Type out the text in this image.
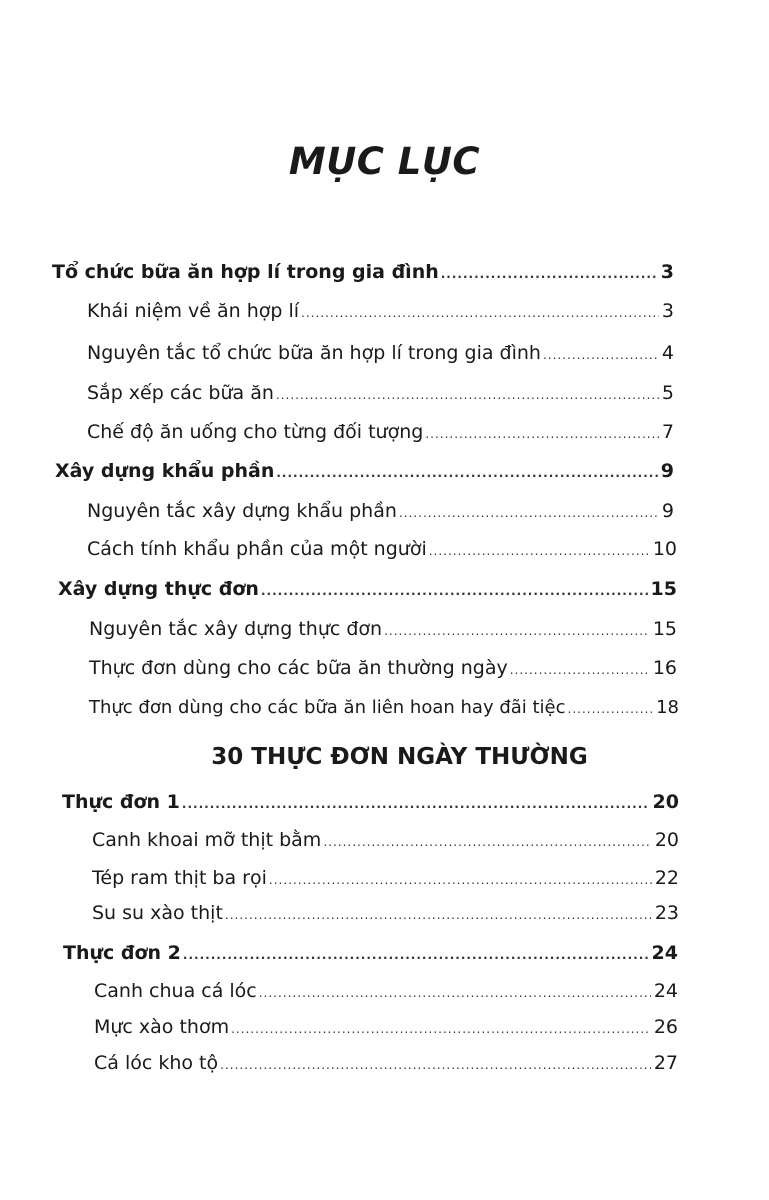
MỤC LỤC
Tổ chức bữa ăn hợp lí trong gia đình .....	3
Khái niệm về ăn hợp lí .....	3
Nguyên tắc tổ chức bữa ăn hợp lí trong gia đình .....	4
Sắp xếp các bữa ăn .....	5
Chế độ ăn uống cho từng đối tượng .....	7
Xây dựng khẩu phần .....	9
Nguyên tắc xây dựng khẩu phần .....	9
Cách tính khẩu phần của một người .....	10
Xây dựng thực đơn .....	15
Nguyên tắc xây dựng thực đơn .....	15
Thực đơn dùng cho các bữa ăn thường ngày .....	16
Thực đơn dùng cho các bữa ăn liên hoan hay đãi tiệc .....	18
30 THỰC ĐƠN NGÀY THƯỜNG
Thực đơn 1 .....	20
Canh khoai mỡ thịt bằm .....	20
Tép ram thịt ba rọi .....	22
Su su xào thịt .....	23
Thực đơn 2 .....	24
Canh chua cá lóc .....	24
Mực xào thơm .....	26
Cá lóc kho tộ .....	27
